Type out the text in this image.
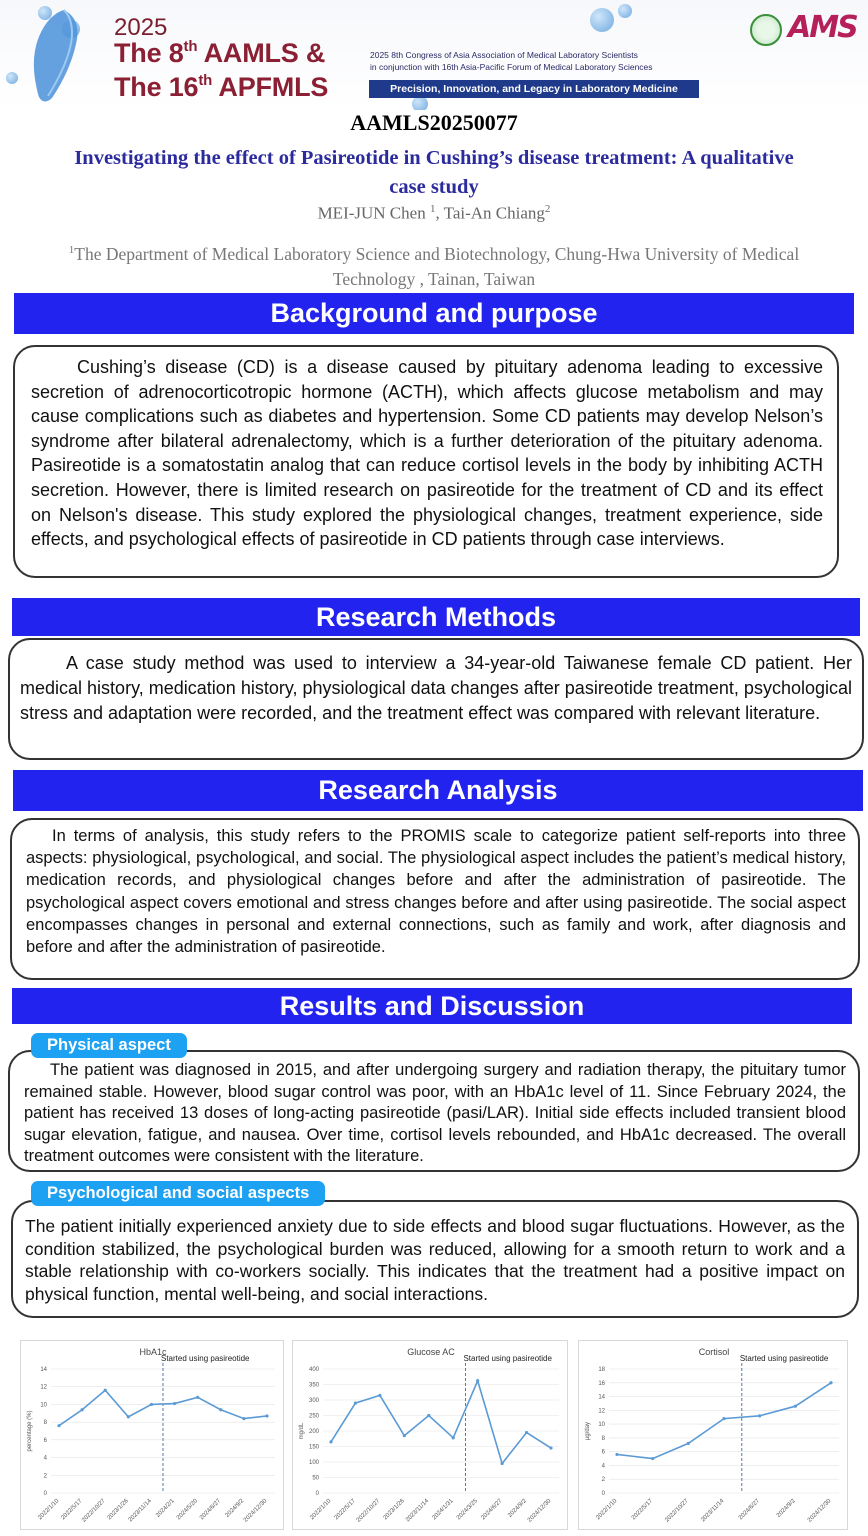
2025
The 8th AAMLS &
The 16th APFMLS
2025 8th Congress of Asia Association of Medical Laboratory Scientists
in conjunction with 16th Asia-Pacific Forum of Medical Laboratory Sciences
Precision, Innovation, and Legacy in Laboratory Medicine
AMS
AAMLS20250077
Investigating the effect of Pasireotide in Cushing’s disease treatment: A qualitative case study
MEI-JUN Chen $^1$, Tai-An Chiang$^2$
$^1$The Department of Medical Laboratory Science and Biotechnology, Chung-Hwa University of Medical Technology , Tainan, Taiwan
Background and purpose

Cushing’s disease (CD) is a disease caused by pituitary adenoma leading to excessive secretion of adrenocorticotropic hormone (ACTH), which affects glucose metabolism and may cause complications such as diabetes and hypertension. Some CD patients may develop Nelson’s syndrome after bilateral adrenalectomy, which is a further deterioration of the pituitary adenoma. Pasireotide is a somatostatin analog that can reduce cortisol levels in the body by inhibiting ACTH secretion. However, there is limited research on pasireotide for the treatment of CD and its effect on Nelson's disease. This study explored the physiological changes, treatment experience, side effects, and psychological effects of pasireotide in CD patients through case interviews.

Research Methods

A case study method was used to interview a 34-year-old Taiwanese female CD patient. Her medical history, medication history, physiological data changes after pasireotide treatment, psychological stress and adaptation were recorded, and the treatment effect was compared with relevant literature.

Research Analysis

In terms of analysis, this study refers to the PROMIS scale to categorize patient self-reports into three aspects: physiological, psychological, and social. The physiological aspect includes the patient’s medical history, medication records, and physiological changes before and after the administration of pasireotide. The psychological aspect covers emotional and stress changes before and after using pasireotide. The social aspect encompasses changes in personal and external connections, such as family and work, after diagnosis and before and after the administration of pasireotide.

Results and Discussion

The patient was diagnosed in 2015, and after undergoing surgery and radiation therapy, the pituitary tumor remained stable. However, blood sugar control was poor, with an HbA1c level of 11. Since February 2024, the patient has received 13 doses of long-acting pasireotide (pasi/LAR). Initial side effects included transient blood sugar elevation, fatigue, and nausea. Over time, cortisol levels rebounded, and HbA1c decreased. The overall treatment outcomes were consistent with the literature.

Physical aspect

The patient initially experienced anxiety due to side effects and blood sugar fluctuations. However, as the condition stabilized, the psychological burden was reduced, allowing for a smooth return to work and a stable relationship with co-workers socially. This indicates that the treatment had a positive impact on physical function, mental well-being, and social interactions.

Psychological and social aspects
HbA1c
0
2
4
6
8
10
12
14
percentage (%)
2022/1/10 2022/5/17
2022/10/27 2023/1/26
2023/11/14 2024/2/1 2024/5/20 2024/6/27 2024/9/2
2024/12/30
Started using pasireotide
Glucose AC
0
50
100
150
200
250
300
350
400
mg/dL
2022/1/10 2022/5/17
2022/10/27 2023/1/26 2023/11/14 2024/1/31 2024/3/25 2024/6/27 2024/9/2
2024/12/30
Started using pasireotide
Cortisol
0
2
4
6
8
10
12
14
16
18
µg/day
2022/1/10 2022/5/17 2022/10/27 2023/11/14 2024/6/27 2024/9/2 2024/12/30
Started using pasireotide
